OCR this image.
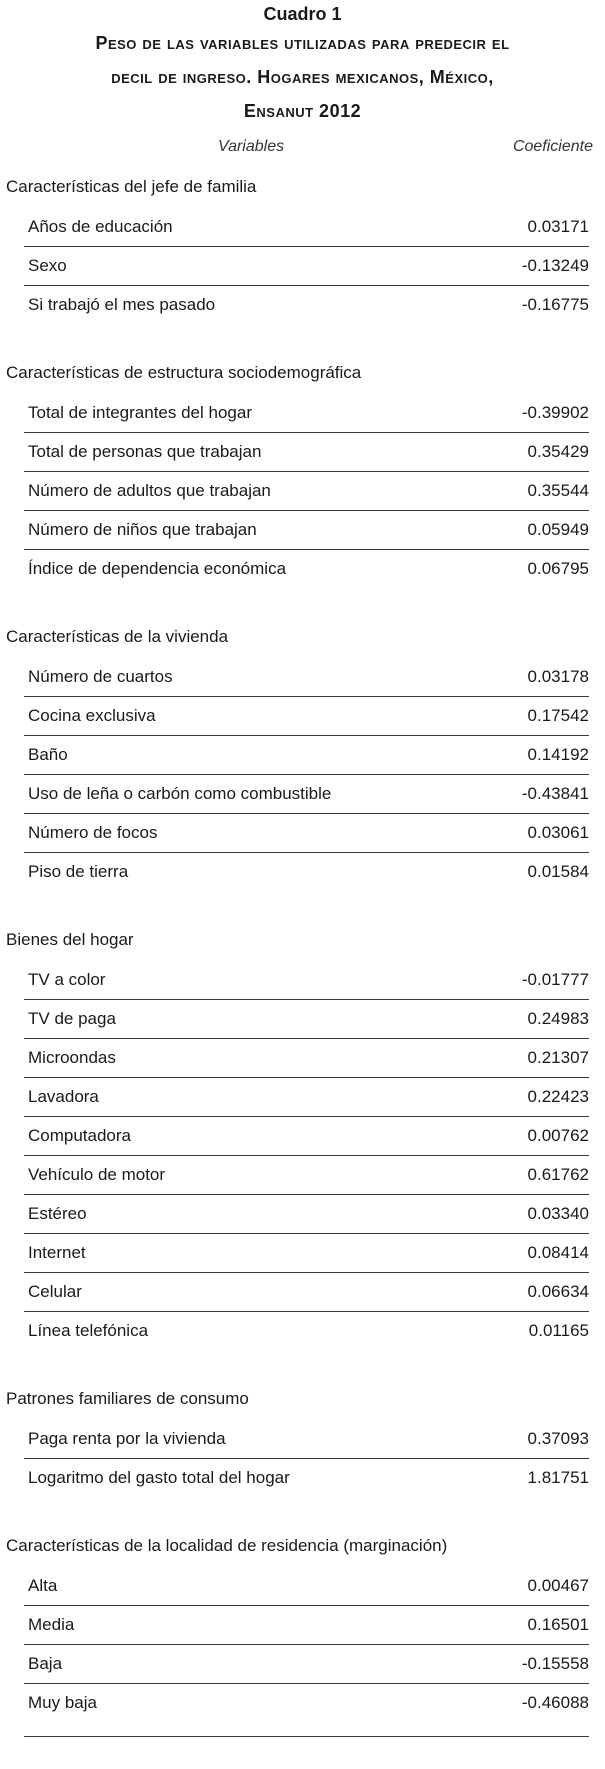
Cuadro 1
Peso de las variables utilizadas para predecir el
decil de ingreso. Hogares mexicanos, México,
Ensanut 2012
Variables	Coeficiente
Características del jefe de familia
Años de educación	0.03171
Sexo	-0.13249
Si trabajó el mes pasado	-0.16775
Características de estructura sociodemográfica
Total de integrantes del hogar	-0.39902
Total de personas que trabajan	0.35429
Número de adultos que trabajan	0.35544
Número de niños que trabajan	0.05949
Índice de dependencia económica	0.06795
Características de la vivienda
Número de cuartos	0.03178
Cocina exclusiva	0.17542
Baño	0.14192
Uso de leña o carbón como combustible	-0.43841
Número de focos	0.03061
Piso de tierra	0.01584
Bienes del hogar
TV a color	-0.01777
TV de paga	0.24983
Microondas	0.21307
Lavadora	0.22423
Computadora	0.00762
Vehículo de motor	0.61762
Estéreo	0.03340
Internet	0.08414
Celular	0.06634
Línea telefónica	0.01165
Patrones familiares de consumo
Paga renta por la vivienda	0.37093
Logaritmo del gasto total del hogar	1.81751
Características de la localidad de residencia (marginación)
Alta	0.00467
Media	0.16501
Baja	-0.15558
Muy baja	-0.46088
